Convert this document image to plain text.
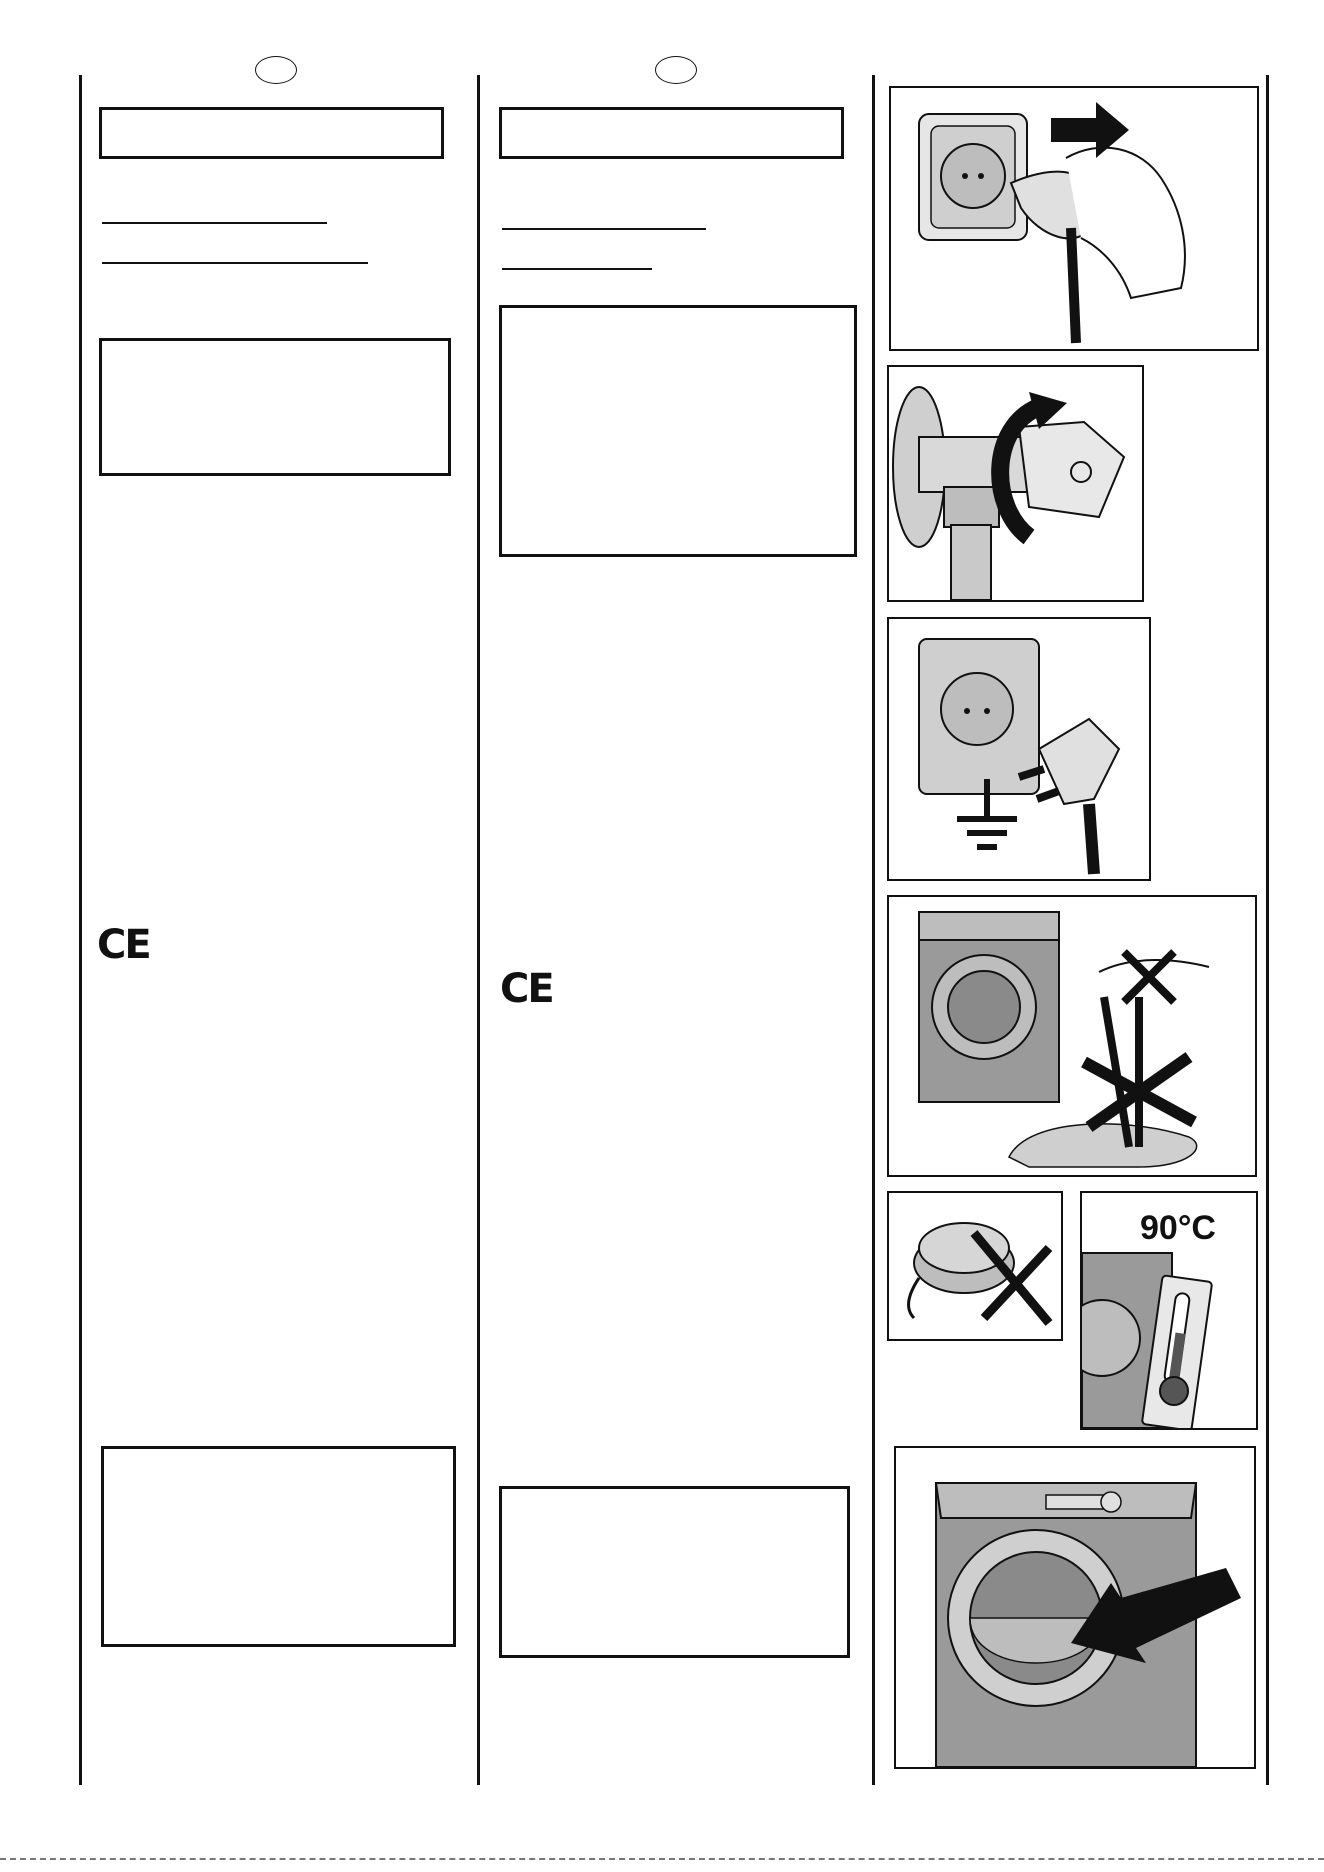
CE
CE
90°C
